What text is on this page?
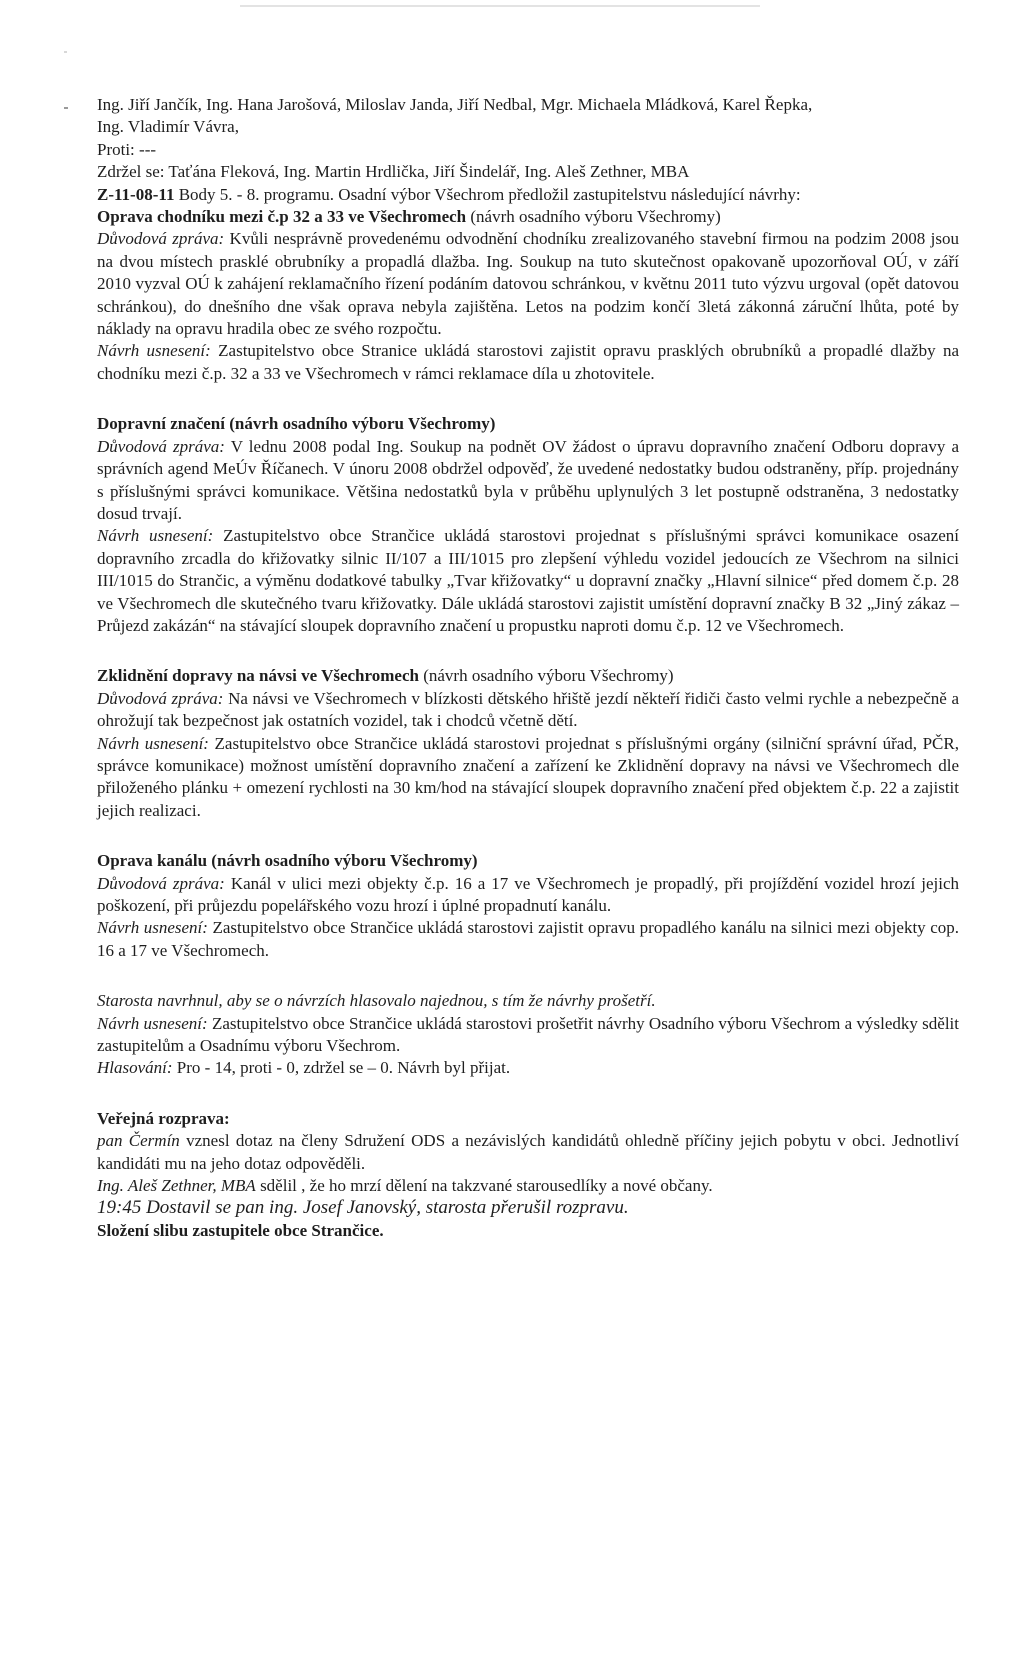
Ing. Jiří Jančík, Ing. Hana Jarošová, Miloslav Janda, Jiří Nedbal, Mgr. Michaela Mládková, Karel Řepka,

Ing. Vladimír Vávra,

Proti: ---

Zdržel se: Taťána Fleková, Ing. Martin Hrdlička, Jiří Šindelář, Ing. Aleš Zethner, MBA

Z-11-08-11 Body 5. - 8. programu. Osadní výbor Všechrom předložil zastupitelstvu následující návrhy:

Oprava chodníku mezi č.p 32 a 33 ve Všechromech (návrh osadního výboru Všechromy)

Důvodová zpráva: Kvůli nesprávně provedenému odvodnění chodníku zrealizovaného stavební firmou na podzim 2008 jsou na dvou místech prasklé obrubníky a propadlá dlažba. Ing. Soukup na tuto skutečnost opakovaně upozorňoval OÚ, v září 2010 vyzval OÚ k zahájení reklamačního řízení podáním datovou schránkou, v květnu 2011 tuto výzvu urgoval (opět datovou schránkou), do dnešního dne však oprava nebyla zajištěna. Letos na podzim končí 3letá zákonná záruční lhůta, poté by náklady na opravu hradila obec ze svého rozpočtu.

Návrh usnesení: Zastupitelstvo obce Stranice ukládá starostovi zajistit opravu prasklých obrubníků a propadlé dlažby na chodníku mezi č.p. 32 a 33 ve Všechromech v rámci reklamace díla u zhotovitele.

Dopravní značení (návrh osadního výboru Všechromy)

Důvodová zpráva: V lednu 2008 podal Ing. Soukup na podnět OV žádost o úpravu dopravního značení Odboru dopravy a správních agend MeÚv Říčanech. V únoru 2008 obdržel odpověď, že uvedené nedostatky budou odstraněny, příp. projednány s příslušnými správci komunikace. Většina nedostatků byla v průběhu uplynulých 3 let postupně odstraněna, 3 nedostatky dosud trvají.

Návrh usnesení: Zastupitelstvo obce Strančice ukládá starostovi projednat s příslušnými správci komunikace osazení dopravního zrcadla do křižovatky silnic II/107 a III/1015 pro zlepšení výhledu vozidel jedoucích ze Všechrom na silnici III/1015 do Strančic, a výměnu dodatkové tabulky „Tvar křižovatky“ u dopravní značky „Hlavní silnice“ před domem č.p. 28 ve Všechromech dle skutečného tvaru křižovatky. Dále ukládá starostovi zajistit umístění dopravní značky B 32 „Jiný zákaz – Průjezd zakázán“ na stávající sloupek dopravního značení u propustku naproti domu č.p. 12 ve Všechromech.

Zklidnění dopravy na návsi ve Všechromech (návrh osadního výboru Všechromy)

Důvodová zpráva: Na návsi ve Všechromech v blízkosti dětského hřiště jezdí někteří řidiči často velmi rychle a nebezpečně a ohrožují tak bezpečnost jak ostatních vozidel, tak i chodců včetně dětí.

Návrh usnesení: Zastupitelstvo obce Strančice ukládá starostovi projednat s příslušnými orgány (silniční správní úřad, PČR, správce komunikace) možnost umístění dopravního značení a zařízení ke Zklidnění dopravy na návsi ve Všechromech dle přiloženého plánku + omezení rychlosti na 30 km/hod na stávající sloupek dopravního značení před objektem č.p. 22 a zajistit jejich realizaci.

Oprava kanálu (návrh osadního výboru Všechromy)

Důvodová zpráva: Kanál v ulici mezi objekty č.p. 16 a 17 ve Všechromech je propadlý, při projíždění vozidel hrozí jejich poškození, při průjezdu popelářského vozu hrozí i úplné propadnutí kanálu.

Návrh usnesení: Zastupitelstvo obce Strančice ukládá starostovi zajistit opravu propadlého kanálu na silnici mezi objekty cop. 16 a 17 ve Všechromech.

Starosta navrhnul, aby se o návrzích hlasovalo najednou, s tím že návrhy prošetří.

Návrh usnesení: Zastupitelstvo obce Strančice ukládá starostovi prošetřit návrhy Osadního výboru Všechrom a výsledky sdělit zastupitelům a Osadnímu výboru Všechrom.

Hlasování: Pro - 14, proti - 0, zdržel se – 0. Návrh byl přijat.

Veřejná rozprava:

pan Čermín vznesl dotaz na členy Sdružení ODS a nezávislých kandidátů ohledně příčiny jejich pobytu v obci. Jednotliví kandidáti mu na jeho dotaz odpověděli.

Ing. Aleš Zethner, MBA sdělil , že ho mrzí dělení na takzvané starousedlíky a nové občany.

19:45 Dostavil se pan ing. Josef Janovský, starosta přerušil rozpravu.

Složení slibu zastupitele obce Strančice.
